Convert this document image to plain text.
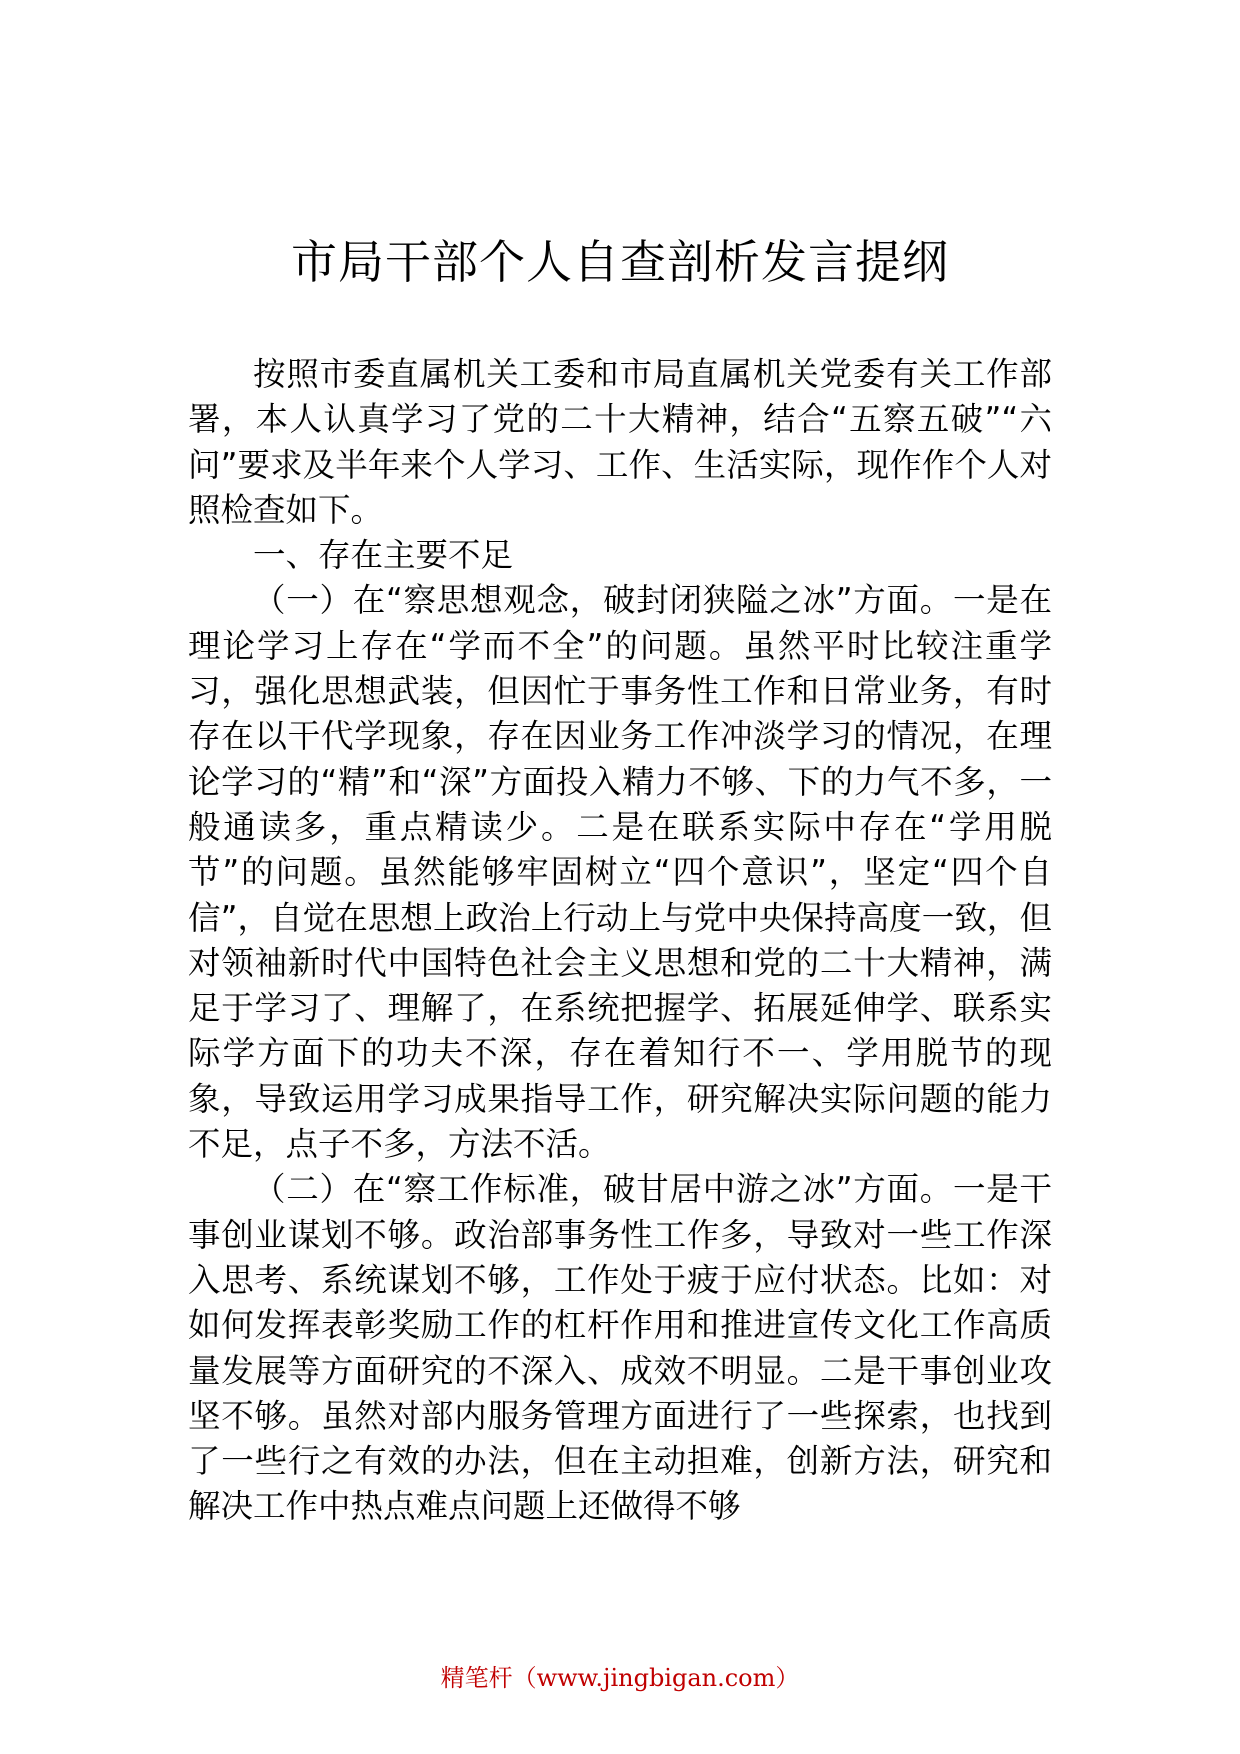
市局干部个人自查剖析发言提纲

按照市委直属机关工委和市局直属机关党委有关工作部署，本人认真学习了党的二十大精神，结合“五察五破”“六问”要求及半年来个人学习、工作、生活实际，现作作个人对照检查如下。

一、存在主要不足

（一）在“察思想观念，破封闭狭隘之冰”方面。一是在理论学习上存在“学而不全”的问题。虽然平时比较注重学习，强化思想武装，但因忙于事务性工作和日常业务，有时存在以干代学现象，存在因业务工作冲淡学习的情况，在理论学习的“精”和“深”方面投入精力不够、下的力气不多，一般通读多，重点精读少。二是在联系实际中存在“学用脱节”的问题。虽然能够牢固树立“四个意识”，坚定“四个自信”，自觉在思想上政治上行动上与党中央保持高度一致，但对领袖新时代中国特色社会主义思想和党的二十大精神，满足于学习了、理解了，在系统把握学、拓展延伸学、联系实际学方面下的功夫不深，存在着知行不一、学用脱节的现象，导致运用学习成果指导工作，研究解决实际问题的能力不足，点子不多，方法不活。

（二）在“察工作标准，破甘居中游之冰”方面。一是干事创业谋划不够。政治部事务性工作多，导致对一些工作深入思考、系统谋划不够，工作处于疲于应付状态。比如：对如何发挥表彰奖励工作的杠杆作用和推进宣传文化工作高质量发展等方面研究的不深入、成效不明显。二是干事创业攻坚不够。虽然对部内服务管理方面进行了一些探索，也找到了一些行之有效的办法，但在主动担难，创新方法，研究和解决工作中热点难点问题上还做得不够

精笔杆（www.jingbigan.com）
